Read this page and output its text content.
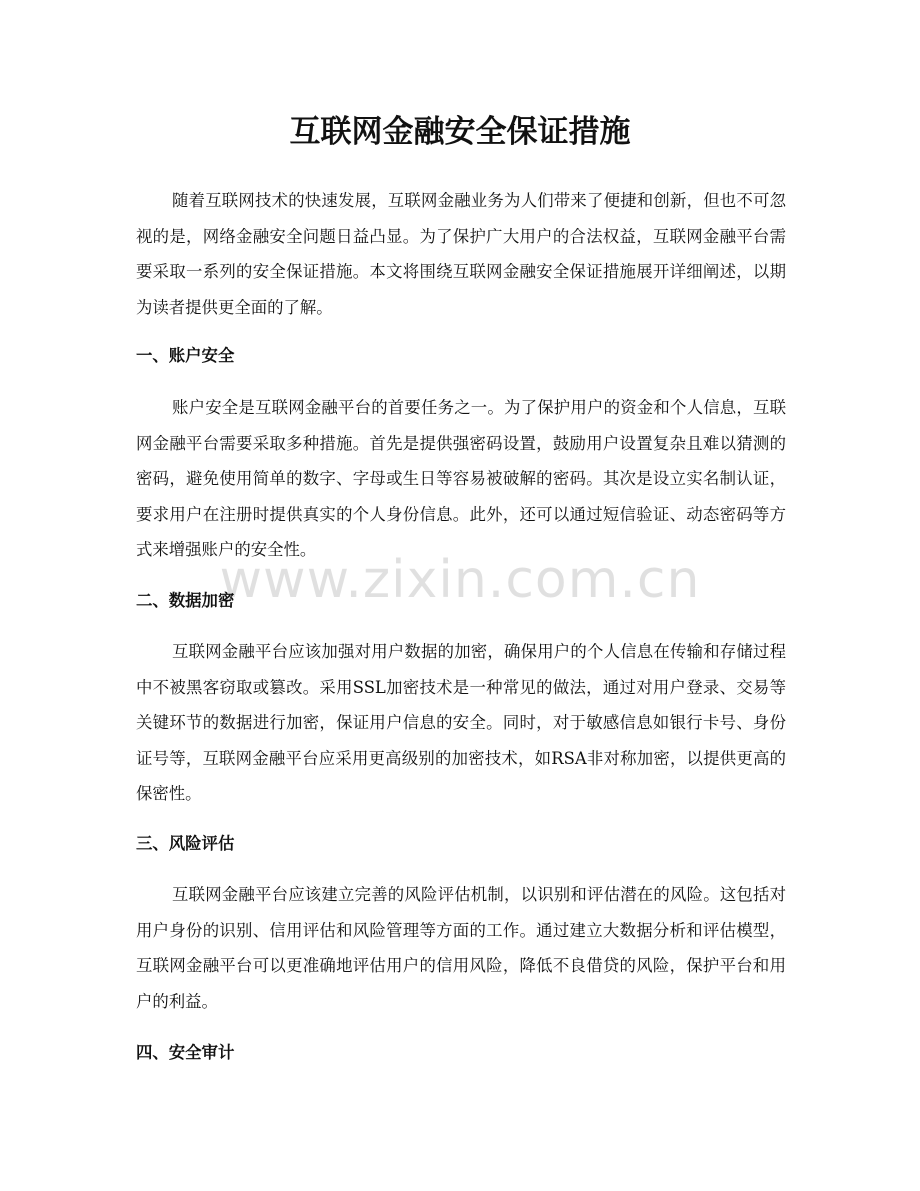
互联网金融安全保证措施

随着互联网技术的快速发展，互联网金融业务为人们带来了便捷和创新，但也不可忽视的是，网络金融安全问题日益凸显。为了保护广大用户的合法权益，互联网金融平台需要采取一系列的安全保证措施。本文将围绕互联网金融安全保证措施展开详细阐述，以期为读者提供更全面的了解。

一、账户安全

账户安全是互联网金融平台的首要任务之一。为了保护用户的资金和个人信息，互联网金融平台需要采取多种措施。首先是提供强密码设置，鼓励用户设置复杂且难以猜测的密码，避免使用简单的数字、字母或生日等容易被破解的密码。其次是设立实名制认证，要求用户在注册时提供真实的个人身份信息。此外，还可以通过短信验证、动态密码等方式来增强账户的安全性。

二、数据加密

互联网金融平台应该加强对用户数据的加密，确保用户的个人信息在传输和存储过程中不被黑客窃取或篡改。采用SSL加密技术是一种常见的做法，通过对用户登录、交易等关键环节的数据进行加密，保证用户信息的安全。同时，对于敏感信息如银行卡号、身份证号等，互联网金融平台应采用更高级别的加密技术，如RSA非对称加密，以提供更高的保密性。

三、风险评估

互联网金融平台应该建立完善的风险评估机制，以识别和评估潜在的风险。这包括对用户身份的识别、信用评估和风险管理等方面的工作。通过建立大数据分析和评估模型，互联网金融平台可以更准确地评估用户的信用风险，降低不良借贷的风险，保护平台和用户的利益。

四、安全审计
www.zixin.com.cn
